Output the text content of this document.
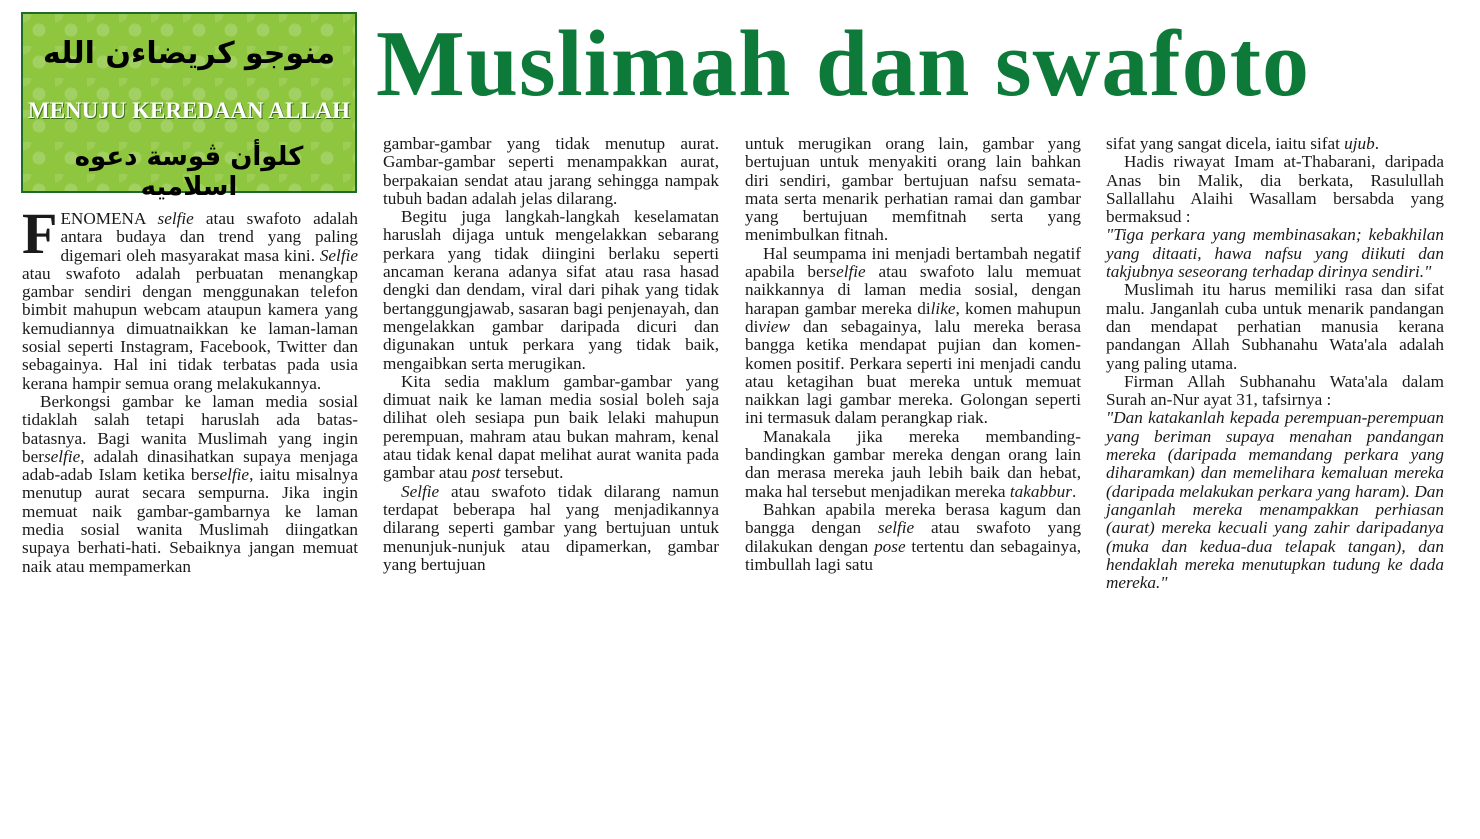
منوجو كريضاءن الله
MENUJU KEREDAAN ALLAH
كلوأن ڤوسة دعوه اسلاميه
Muslimah dan swafoto

FENOMENA selfie atau swafoto adalah antara budaya dan trend yang paling digemari oleh masyarakat masa kini. Selfie atau swafoto adalah perbuatan menangkap gambar sendiri dengan menggunakan telefon bimbit mahupun webcam ataupun kamera yang kemudiannya dimuatnaikkan ke laman-laman sosial seperti Instagram, Facebook, Twitter dan sebagainya. Hal ini tidak terbatas pada usia kerana hampir semua orang melakukannya.

Berkongsi gambar ke laman media sosial tidaklah salah tetapi haruslah ada batas-batasnya. Bagi wanita Muslimah yang ingin berselfie, adalah dinasihatkan supaya menjaga adab-adab Islam ketika berselfie, iaitu misalnya menutup aurat secara sempurna. Jika ingin memuat naik gambar-gambarnya ke laman media sosial wanita Muslimah diingatkan supaya berhati-hati. Sebaiknya jangan memuat naik atau mempamerkan

gambar-gambar yang tidak menutup aurat. Gambar-gambar seperti menampakkan aurat, berpakaian sendat atau jarang sehingga nampak tubuh badan adalah jelas dilarang.

Begitu juga langkah-langkah keselamatan haruslah dijaga untuk mengelakkan sebarang perkara yang tidak diingini berlaku seperti ancaman kerana adanya sifat atau rasa hasad dengki dan dendam, viral dari pihak yang tidak bertanggungjawab, sasaran bagi penjenayah, dan mengelakkan gambar daripada dicuri dan digunakan untuk perkara yang tidak baik, mengaibkan serta merugikan.

Kita sedia maklum gambar-gambar yang dimuat naik ke laman media sosial boleh saja dilihat oleh sesiapa pun baik lelaki mahupun perempuan, mahram atau bukan mahram, kenal atau tidak kenal dapat melihat aurat wanita pada gambar atau post tersebut.

Selfie atau swafoto tidak dilarang namun terdapat beberapa hal yang menjadikannya dilarang seperti gambar yang bertujuan untuk menunjuk-nunjuk atau dipamerkan, gambar yang bertujuan

untuk merugikan orang lain, gambar yang bertujuan untuk menyakiti orang lain bahkan diri sendiri, gambar bertujuan nafsu semata-mata serta menarik perhatian ramai dan gambar yang bertujuan memfitnah serta yang menimbulkan fitnah.

Hal seumpama ini menjadi bertambah negatif apabila berselfie atau swafoto lalu memuat naikkannya di laman media sosial, dengan harapan gambar mereka dilike, komen mahupun diview dan sebagainya, lalu mereka berasa bangga ketika mendapat pujian dan komen-komen positif. Perkara seperti ini menjadi candu atau ketagihan buat mereka untuk memuat naikkan lagi gambar mereka. Golongan seperti ini termasuk dalam perangkap riak.

Manakala jika mereka membanding-bandingkan gambar mereka dengan orang lain dan merasa mereka jauh lebih baik dan hebat, maka hal tersebut menjadikan mereka takabbur.

Bahkan apabila mereka berasa kagum dan bangga dengan selfie atau swafoto yang dilakukan dengan pose tertentu dan sebagainya, timbullah lagi satu

sifat yang sangat dicela, iaitu sifat ujub.

Hadis riwayat Imam at-Thabarani, daripada Anas bin Malik, dia berkata, Rasulullah Sallallahu Alaihi Wasallam bersabda yang bermaksud :

"Tiga perkara yang membinasakan; kebakhilan yang ditaati, hawa nafsu yang diikuti dan takjubnya seseorang terhadap dirinya sendiri."

Muslimah itu harus memiliki rasa dan sifat malu. Janganlah cuba untuk menarik pandangan dan mendapat perhatian manusia kerana pandangan Allah Subhanahu Wata'ala adalah yang paling utama.

Firman Allah Subhanahu Wata'ala dalam Surah an-Nur ayat 31, tafsirnya :

"Dan katakanlah kepada perempuan-perempuan yang beriman supaya menahan pandangan mereka (daripada memandang perkara yang diharamkan) dan memelihara kemaluan mereka (daripada melakukan perkara yang haram). Dan janganlah mereka menampakkan perhiasan (aurat) mereka kecuali yang zahir daripadanya (muka dan kedua-dua telapak tangan), dan hendaklah mereka menutupkan tudung ke dada mereka."
